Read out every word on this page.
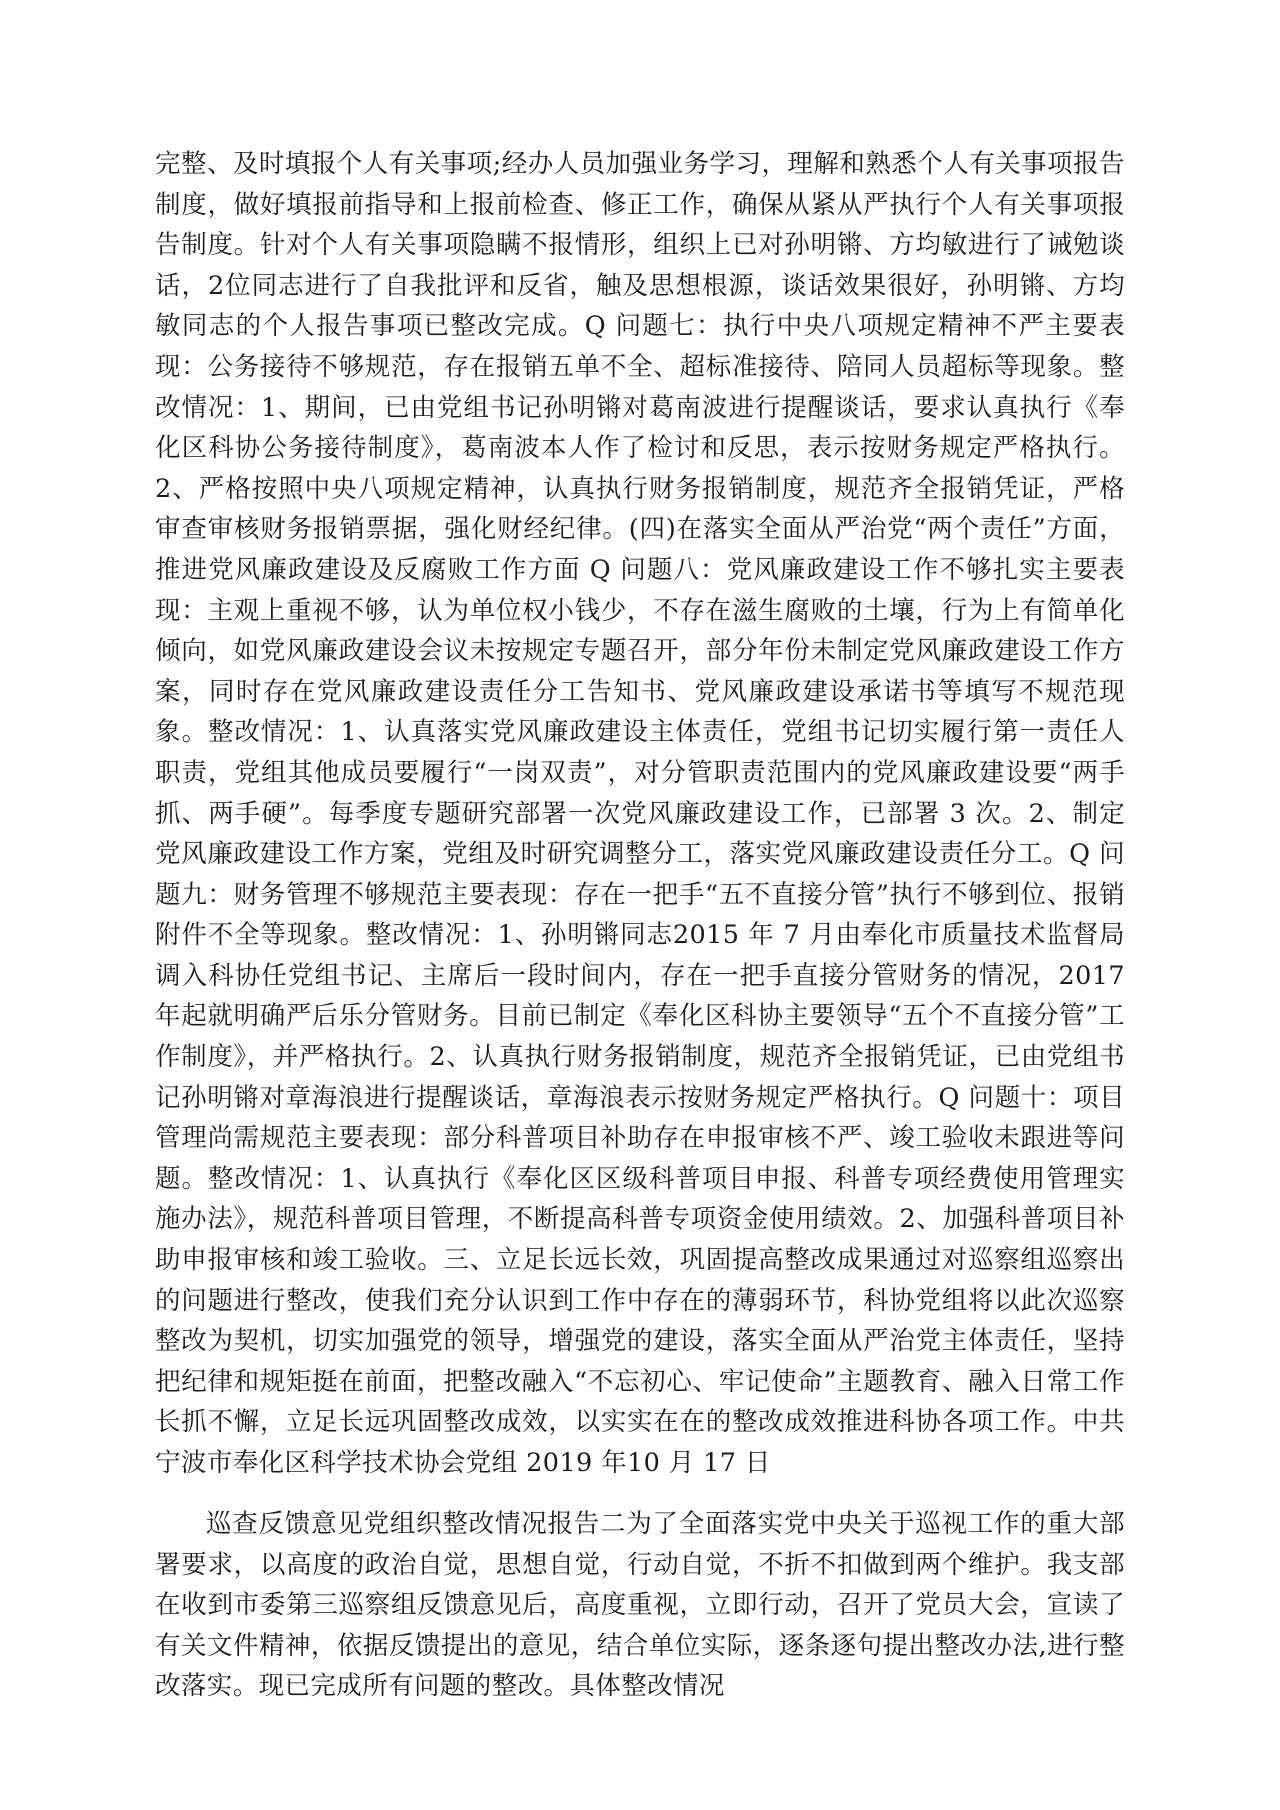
完整、及时填报个人有关事项;经办人员加强业务学习，理解和熟悉个人有关事项报告制度，做好填报前指导和上报前检查、修正工作，确保从紧从严执行个人有关事项报告制度。针对个人有关事项隐瞒不报情形，组织上已对孙明锵、方均敏进行了诫勉谈话，2位同志进行了自我批评和反省，触及思想根源，谈话效果很好，孙明锵、方均敏同志的个人报告事项已整改完成。Q 问题七：执行中央八项规定精神不严主要表现：公务接待不够规范，存在报销五单不全、超标准接待、陪同人员超标等现象。整改情况：1、期间，已由党组书记孙明锵对葛南波进行提醒谈话，要求认真执行《奉化区科协公务接待制度》，葛南波本人作了检讨和反思，表示按财务规定严格执行。2、严格按照中央八项规定精神，认真执行财务报销制度，规范齐全报销凭证，严格审查审核财务报销票据，强化财经纪律。(四)在落实全面从严治党“两个责任”方面，推进党风廉政建设及反腐败工作方面 Q 问题八：党风廉政建设工作不够扎实主要表现：主观上重视不够，认为单位权小钱少，不存在滋生腐败的土壤，行为上有简单化倾向，如党风廉政建设会议未按规定专题召开，部分年份未制定党风廉政建设工作方案，同时存在党风廉政建设责任分工告知书、党风廉政建设承诺书等填写不规范现象。整改情况：1、认真落实党风廉政建设主体责任，党组书记切实履行第一责任人职责，党组其他成员要履行“一岗双责”，对分管职责范围内的党风廉政建设要“两手抓、两手硬”。每季度专题研究部署一次党风廉政建设工作，已部署 3 次。2、制定党风廉政建设工作方案，党组及时研究调整分工，落实党风廉政建设责任分工。Q 问题九：财务管理不够规范主要表现：存在一把手“五不直接分管”执行不够到位、报销附件不全等现象。整改情况：1、孙明锵同志2015 年 7 月由奉化市质量技术监督局调入科协任党组书记、主席后一段时间内，存在一把手直接分管财务的情况，2017 年起就明确严后乐分管财务。目前已制定《奉化区科协主要领导“五个不直接分管”工作制度》，并严格执行。2、认真执行财务报销制度，规范齐全报销凭证，已由党组书记孙明锵对章海浪进行提醒谈话，章海浪表示按财务规定严格执行。Q 问题十：项目管理尚需规范主要表现：部分科普项目补助存在申报审核不严、竣工验收未跟进等问题。整改情况：1、认真执行《奉化区区级科普项目申报、科普专项经费使用管理实施办法》，规范科普项目管理，不断提高科普专项资金使用绩效。2、加强科普项目补助申报审核和竣工验收。三、立足长远长效，巩固提高整改成果通过对巡察组巡察出的问题进行整改，使我们充分认识到工作中存在的薄弱环节，科协党组将以此次巡察整改为契机，切实加强党的领导，增强党的建设，落实全面从严治党主体责任，坚持把纪律和规矩挺在前面，把整改融入“不忘初心、牢记使命”主题教育、融入日常工作长抓不懈，立足长远巩固整改成效，以实实在在的整改成效推进科协各项工作。中共宁波市奉化区科学技术协会党组 2019 年10 月 17 日

巡查反馈意见党组织整改情况报告二为了全面落实党中央关于巡视工作的重大部署要求，以高度的政治自觉，思想自觉，行动自觉，不折不扣做到两个维护。我支部在收到市委第三巡察组反馈意见后，高度重视，立即行动，召开了党员大会，宣读了有关文件精神，依据反馈提出的意见，结合单位实际，逐条逐句提出整改办法,进行整改落实。现已完成所有问题的整改。具体整改情况
